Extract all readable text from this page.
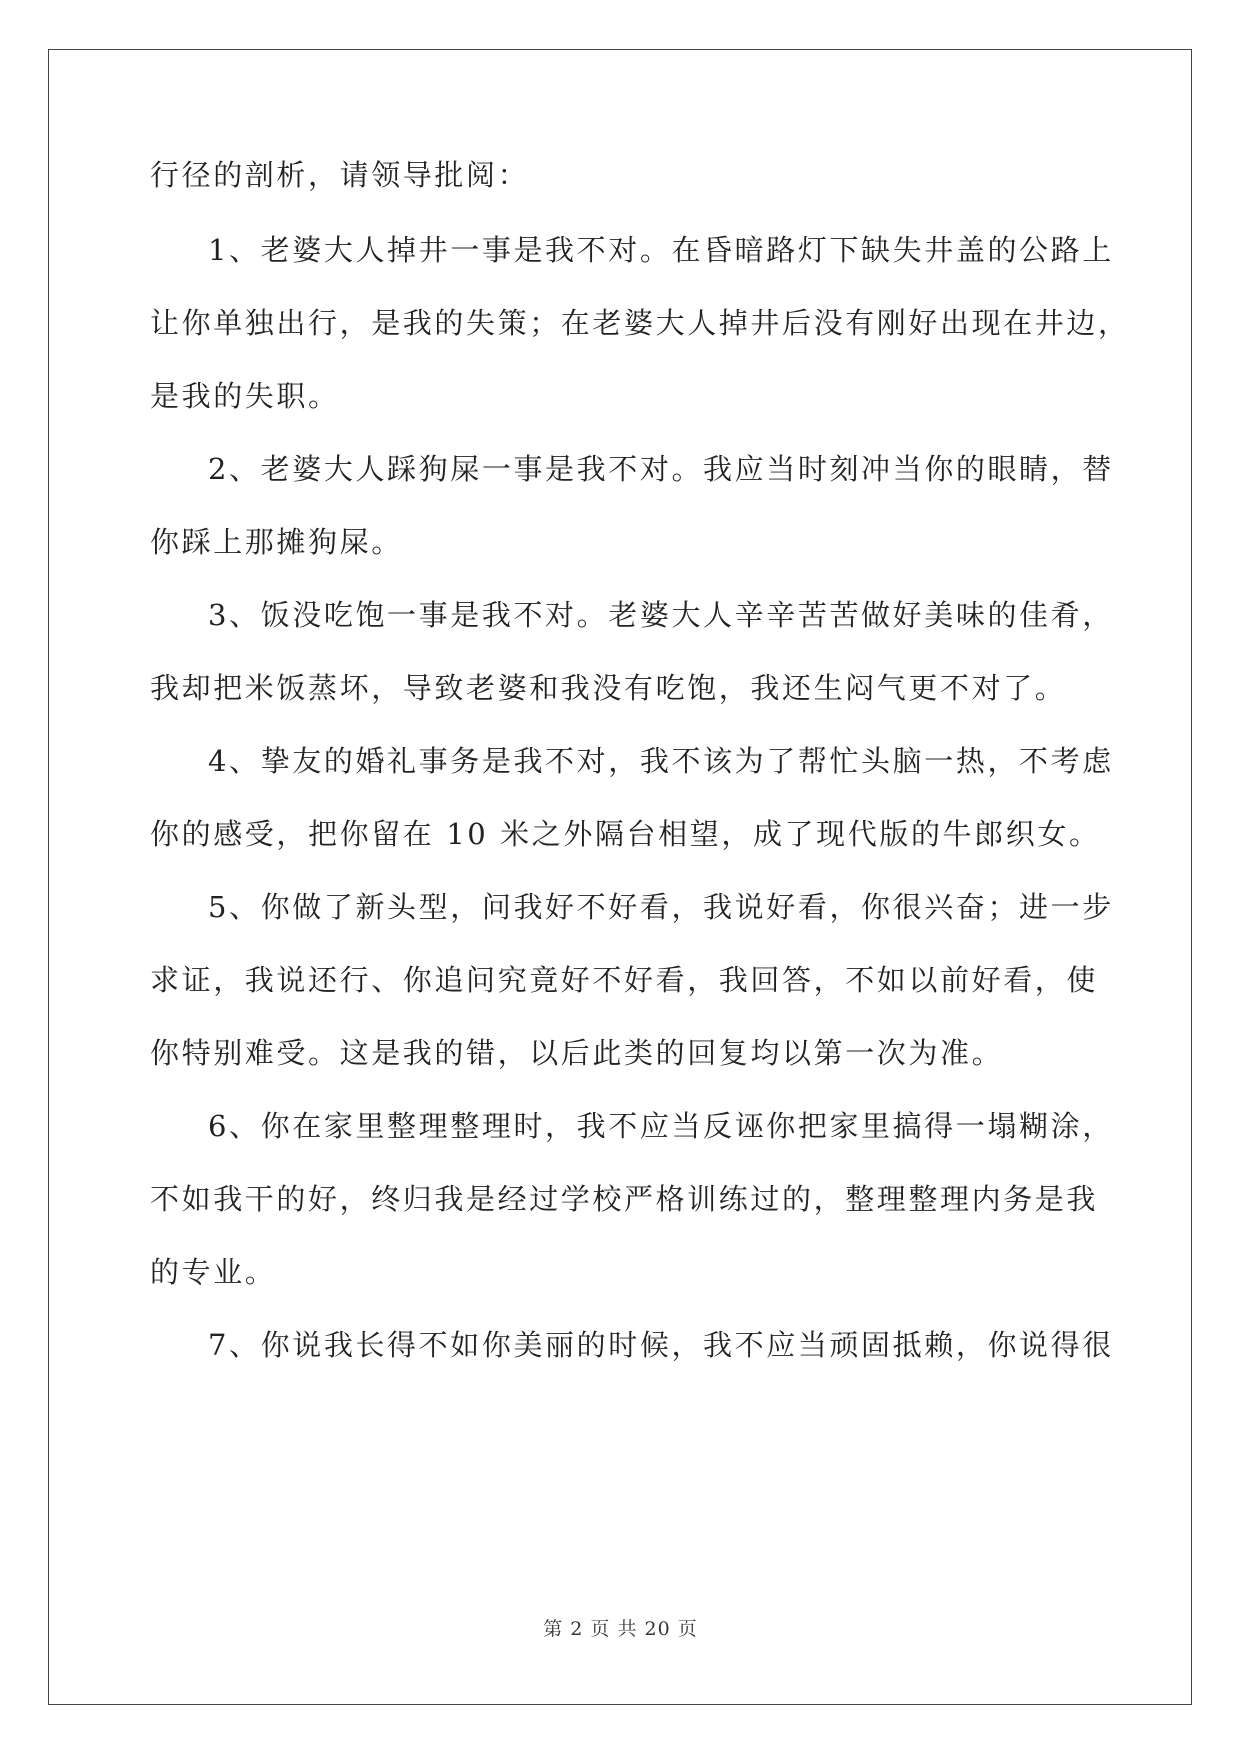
行径的剖析，请领导批阅：
1、老婆大人掉井一事是我不对。在昏暗路灯下缺失井盖的公路上
让你单独出行，是我的失策；在老婆大人掉井后没有刚好出现在井边，
是我的失职。
2、老婆大人踩狗屎一事是我不对。我应当时刻冲当你的眼睛，替
你踩上那摊狗屎。
3、饭没吃饱一事是我不对。老婆大人辛辛苦苦做好美味的佳肴，
我却把米饭蒸坏，导致老婆和我没有吃饱，我还生闷气更不对了。
4、挚友的婚礼事务是我不对，我不该为了帮忙头脑一热，不考虑
你的感受，把你留在 10 米之外隔台相望，成了现代版的牛郎织女。
5、你做了新头型，问我好不好看，我说好看，你很兴奋；进一步
求证，我说还行、你追问究竟好不好看，我回答，不如以前好看，使
你特别难受。这是我的错，以后此类的回复均以第一次为准。
6、你在家里整理整理时，我不应当反诬你把家里搞得一塌糊涂，
不如我干的好，终归我是经过学校严格训练过的，整理整理内务是我
的专业。
7、你说我长得不如你美丽的时候，我不应当顽固抵赖，你说得很
第 2 页 共 20 页
